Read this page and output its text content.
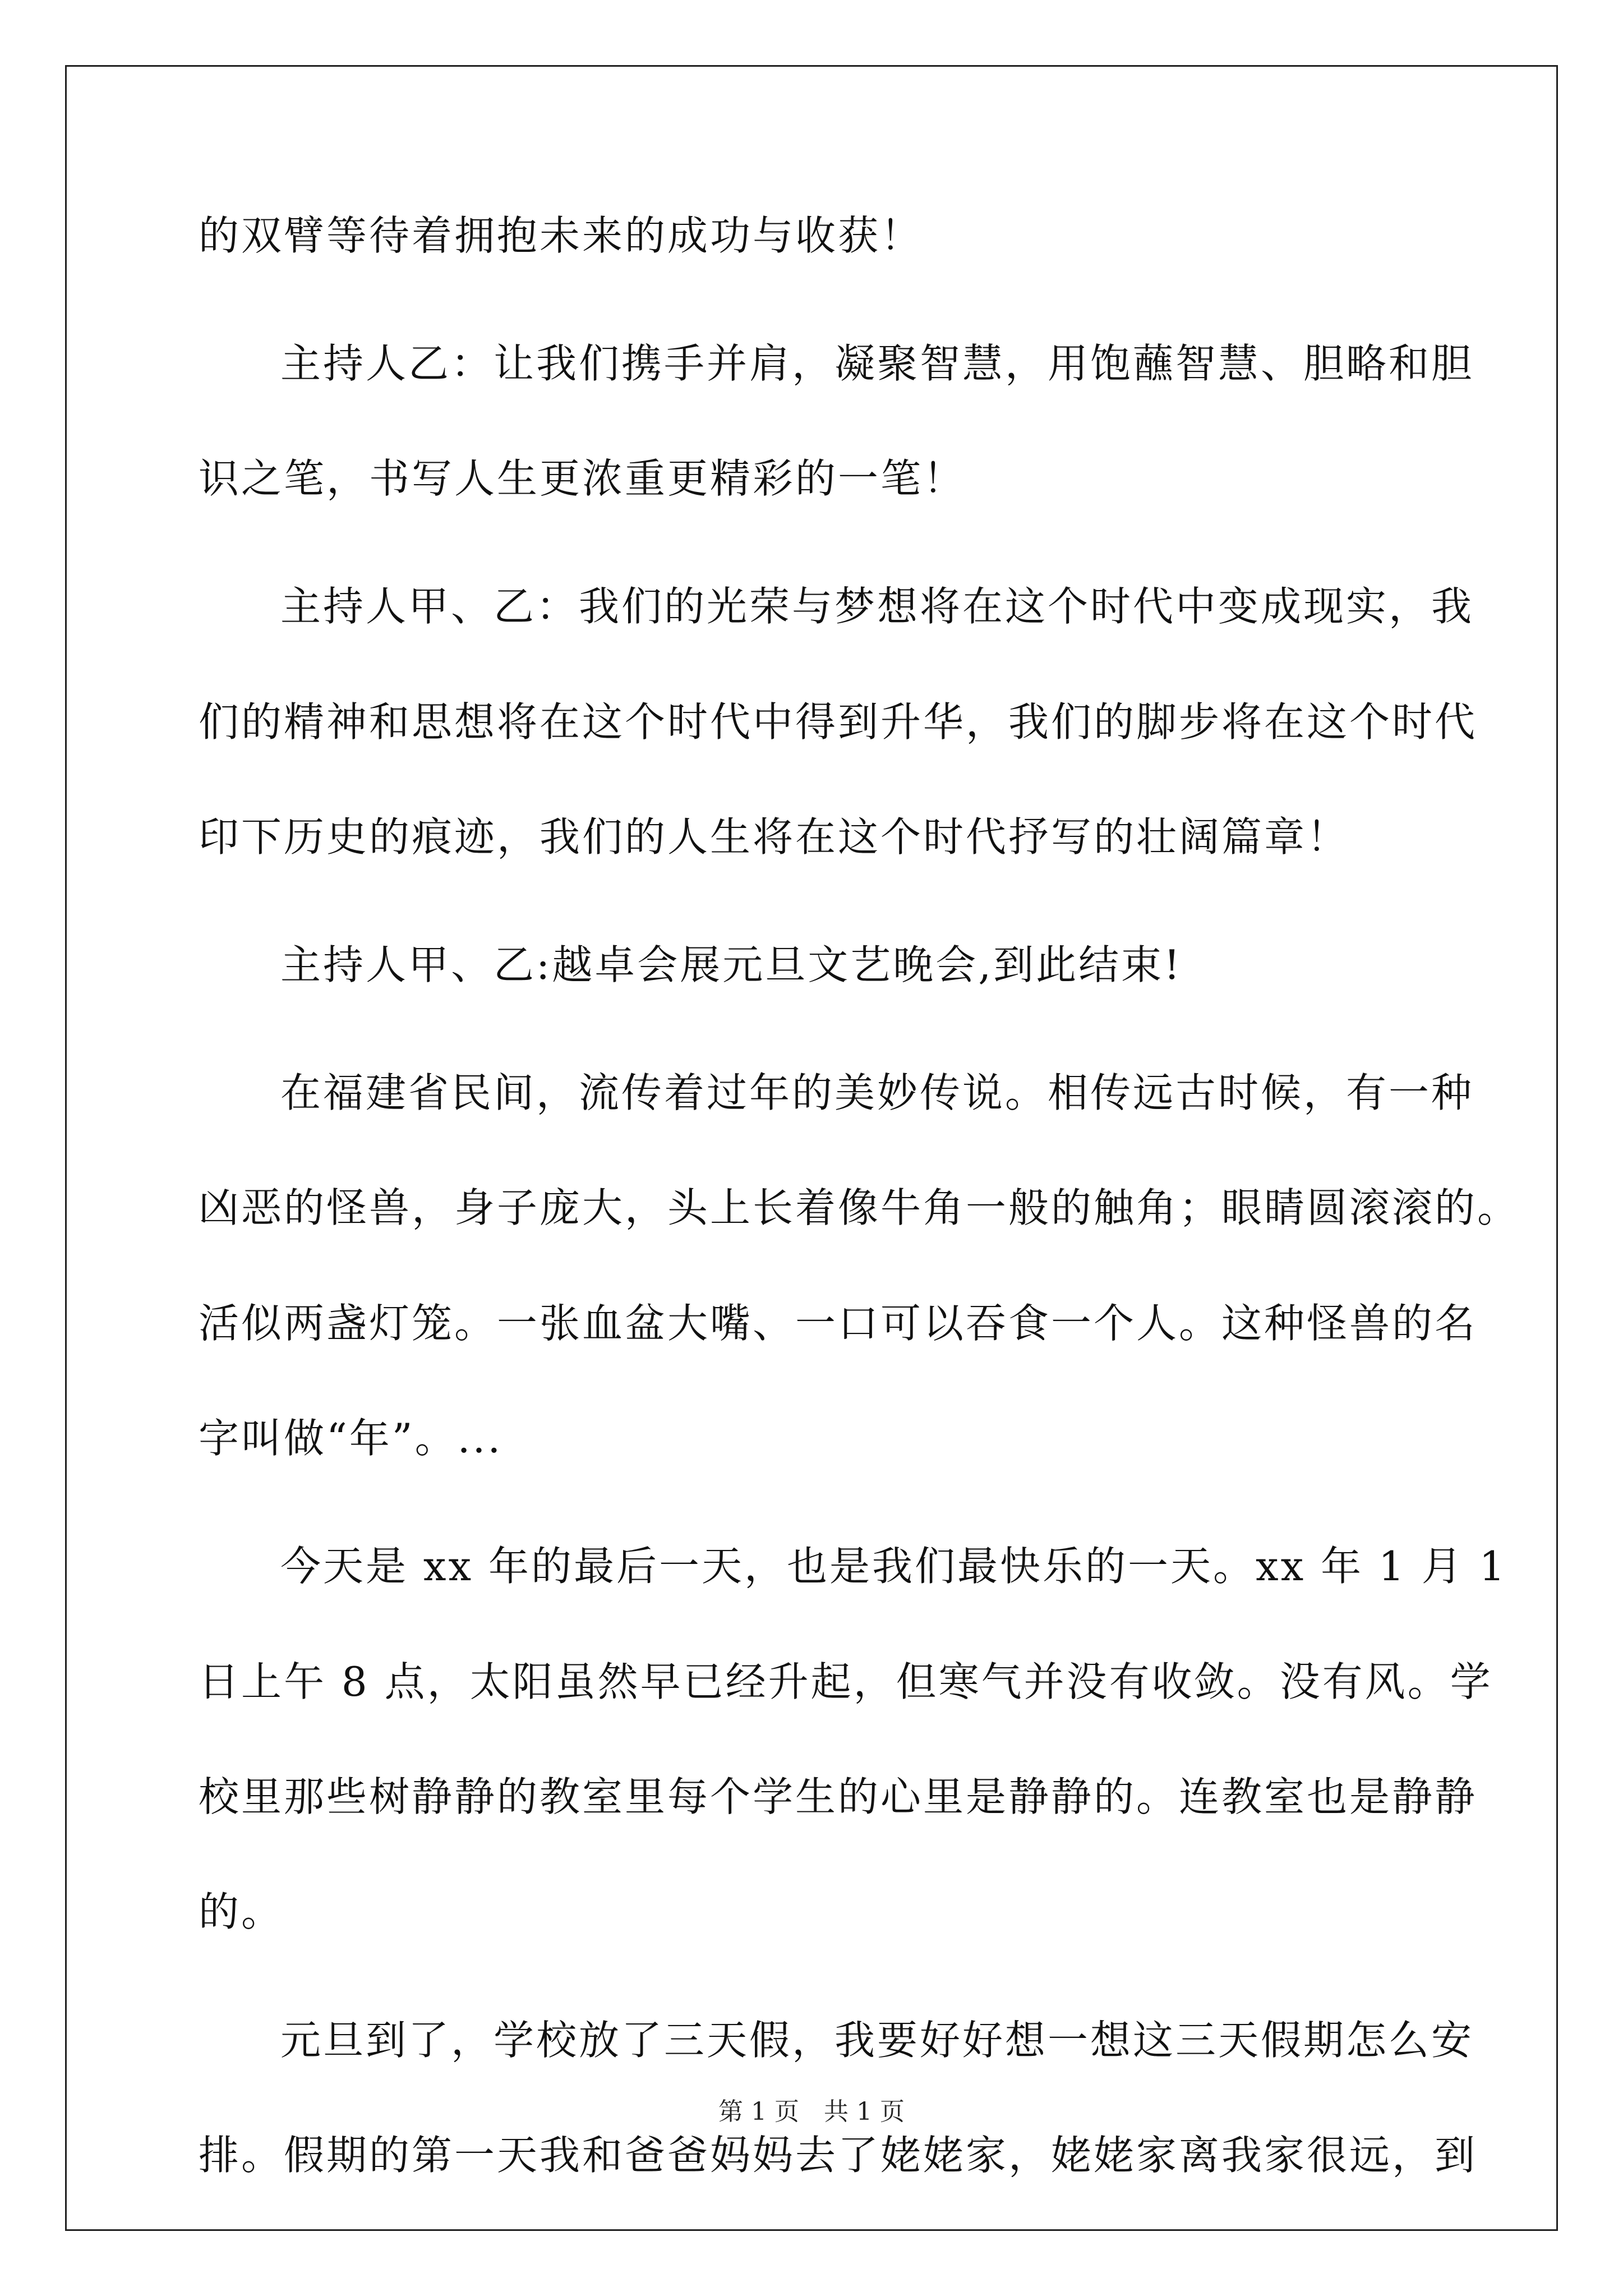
的双臂等待着拥抱未来的成功与收获！
主持人乙：让我们携手并肩，凝聚智慧，用饱蘸智慧、胆略和胆
识之笔，书写人生更浓重更精彩的一笔！
主持人甲、乙：我们的光荣与梦想将在这个时代中变成现实，我
们的精神和思想将在这个时代中得到升华，我们的脚步将在这个时代
印下历史的痕迹，我们的人生将在这个时代抒写的壮阔篇章！
主持人甲、乙:越卓会展元旦文艺晚会,到此结束!
在福建省民间，流传着过年的美妙传说。相传远古时候，有一种
凶恶的怪兽，身子庞大，头上长着像牛角一般的触角；眼睛圆滚滚的。
活似两盏灯笼。一张血盆大嘴、一口可以吞食一个人。这种怪兽的名
字叫做“年”。...
今天是 xx 年的最后一天，也是我们最快乐的一天。xx 年 1 月 1
日上午 8 点，太阳虽然早已经升起，但寒气并没有收敛。没有风。学
校里那些树静静的教室里每个学生的心里是静静的。连教室也是静静
的。
元旦到了，学校放了三天假，我要好好想一想这三天假期怎么安
排。假期的第一天我和爸爸妈妈去了姥姥家，姥姥家离我家很远，到
第 1 页　共 1 页
